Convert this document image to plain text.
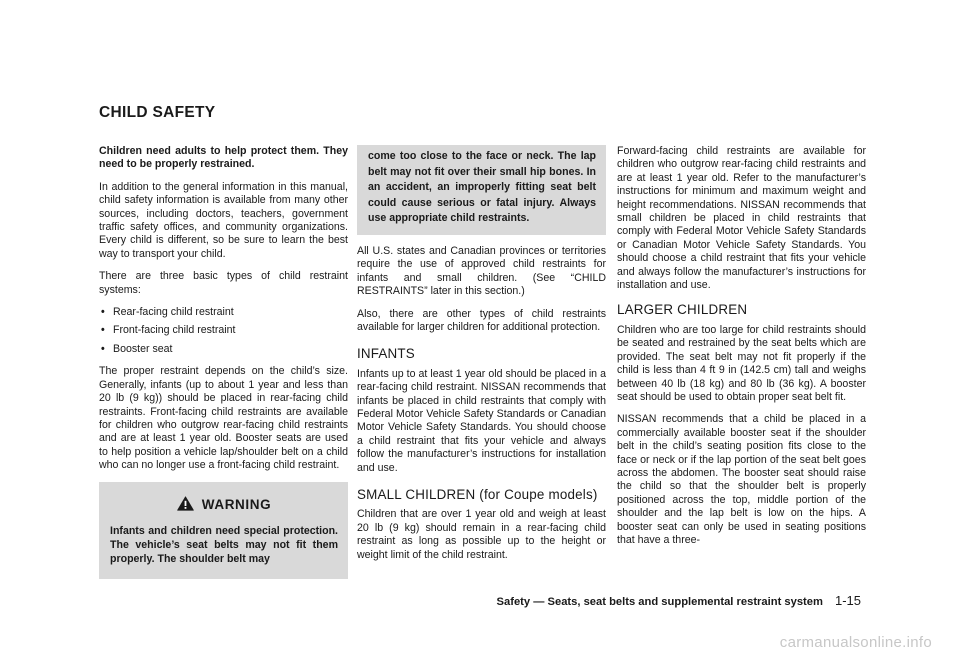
CHILD SAFETY

Children need adults to help protect them. They need to be properly restrained.

In addition to the general information in this manual, child safety information is available from many other sources, including doctors, teachers, government traffic safety offices, and community organizations. Every child is different, so be sure to learn the best way to transport your child.

There are three basic types of child restraint systems:

• Rear-facing child restraint
• Front-facing child restraint
• Booster seat

The proper restraint depends on the child’s size. Generally, infants (up to about 1 year and less than 20 lb (9 kg)) should be placed in rear-facing child restraints. Front-facing child restraints are available for children who outgrow rear-facing child restraints and are at least 1 year old. Booster seats are used to help position a vehicle lap/shoulder belt on a child who can no longer use a front-facing child restraint.

WARNING

Infants and children need special protection. The vehicle’s seat belts may not fit them properly. The shoulder belt may

come too close to the face or neck. The lap belt may not fit over their small hip bones. In an accident, an improperly fitting seat belt could cause serious or fatal injury. Always use appropriate child restraints.

All U.S. states and Canadian provinces or territories require the use of approved child restraints for infants and small children. (See “CHILD RESTRAINTS” later in this section.)

Also, there are other types of child restraints available for larger children for additional protection.

INFANTS

Infants up to at least 1 year old should be placed in a rear-facing child restraint. NISSAN recommends that infants be placed in child restraints that comply with Federal Motor Vehicle Safety Standards or Canadian Motor Vehicle Safety Standards. You should choose a child restraint that fits your vehicle and always follow the manufacturer’s instructions for installation and use.

SMALL CHILDREN (for Coupe models)

Children that are over 1 year old and weigh at least 20 lb (9 kg) should remain in a rear-facing child restraint as long as possible up to the height or weight limit of the child restraint.

Forward-facing child restraints are available for children who outgrow rear-facing child restraints and are at least 1 year old. Refer to the manufacturer’s instructions for minimum and maximum weight and height recommendations. NISSAN recommends that small children be placed in child restraints that comply with Federal Motor Vehicle Safety Standards or Canadian Motor Vehicle Safety Standards. You should choose a child restraint that fits your vehicle and always follow the manufacturer’s instructions for installation and use.

LARGER CHILDREN

Children who are too large for child restraints should be seated and restrained by the seat belts which are provided. The seat belt may not fit properly if the child is less than 4 ft 9 in (142.5 cm) tall and weighs between 40 lb (18 kg) and 80 lb (36 kg). A booster seat should be used to obtain proper seat belt fit.

NISSAN recommends that a child be placed in a commercially available booster seat if the shoulder belt in the child’s seating position fits close to the face or neck or if the lap portion of the seat belt goes across the abdomen. The booster seat should raise the child so that the shoulder belt is properly positioned across the top, middle portion of the shoulder and the lap belt is low on the hips. A booster seat can only be used in seating positions that have a three-

Safety — Seats, seat belts and supplemental restraint system 1-15
carmanualsonline.info
